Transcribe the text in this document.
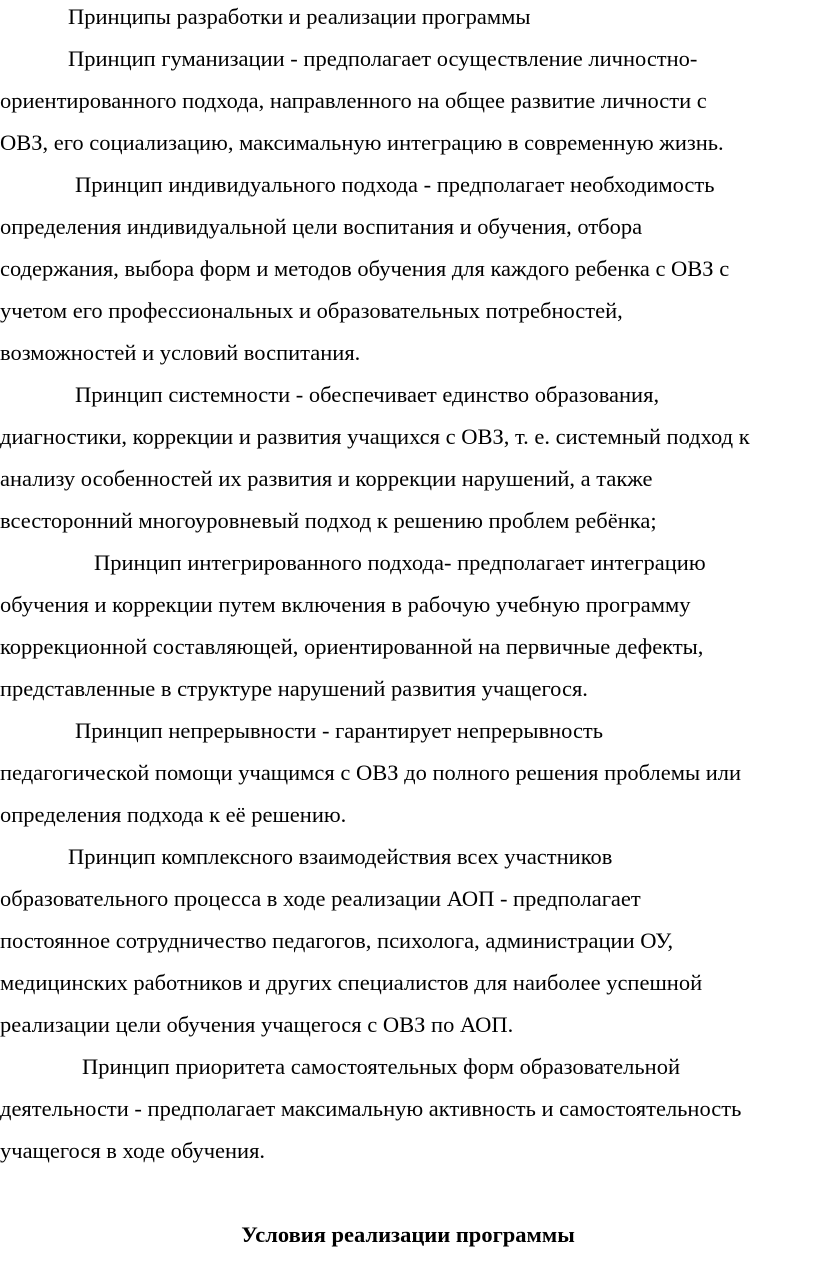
Принципы разработки и реализации программы
Принцип гуманизации - предполагает осуществление личностно-
ориентированного подхода, направленного на общее развитие личности с
ОВЗ, его социализацию, максимальную интеграцию в современную жизнь.
Принцип индивидуального подхода - предполагает необходимость
определения индивидуальной цели воспитания и обучения, отбора
содержания, выбора форм и методов обучения для каждого ребенка с ОВЗ с
учетом его профессиональных и образовательных потребностей,
возможностей и условий воспитания.
Принцип системности - обеспечивает единство образования,
диагностики, коррекции и развития учащихся с ОВЗ, т. е. системный подход к
анализу особенностей их развития и коррекции нарушений, а также
всесторонний многоуровневый подход к решению проблем ребёнка;
Принцип интегрированного подхода- предполагает интеграцию
обучения и коррекции путем включения в рабочую учебную программу
коррекционной составляющей, ориентированной на первичные дефекты,
представленные в структуре нарушений развития учащегося.
Принцип непрерывности - гарантирует непрерывность
педагогической помощи учащимся с ОВЗ до полного решения проблемы или
определения подхода к её решению.
Принцип комплексного взаимодействия всех участников
образовательного процесса в ходе реализации АОП - предполагает
постоянное сотрудничество педагогов, психолога, администрации ОУ,
медицинских работников и других специалистов для наиболее успешной
реализации цели обучения учащегося с ОВЗ по АОП.
Принцип приоритета самостоятельных форм образовательной
деятельности - предполагает максимальную активность и самостоятельность
учащегося в ходе обучения.
Условия реализации программы
